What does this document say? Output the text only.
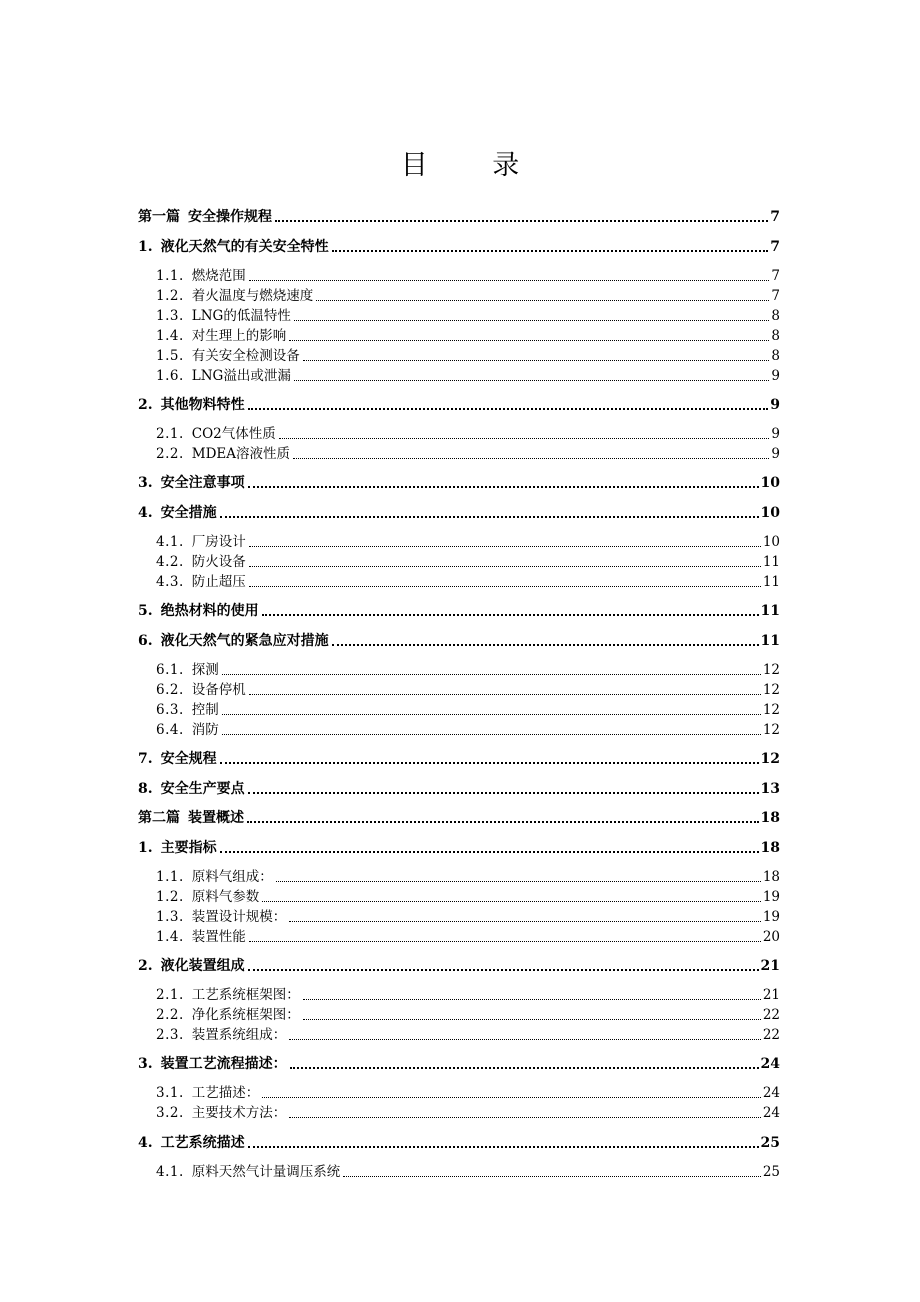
目 录
第一篇 安全操作规程	7
1. 液化天然气的有关安全特性	7
1.1. 燃烧范围	7
1.2. 着火温度与燃烧速度	7
1.3. LNG的低温特性	8
1.4. 对生理上的影响	8
1.5. 有关安全检测设备	8
1.6. LNG溢出或泄漏	9
2. 其他物料特性	9
2.1. CO2气体性质	9
2.2. MDEA溶液性质	9
3. 安全注意事项	10
4. 安全措施	10
4.1. 厂房设计	10
4.2. 防火设备	11
4.3. 防止超压	11
5. 绝热材料的使用	11
6. 液化天然气的紧急应对措施	11
6.1. 探测	12
6.2. 设备停机	12
6.3. 控制	12
6.4. 消防	12
7. 安全规程	12
8. 安全生产要点	13
第二篇 装置概述	18
1. 主要指标	18
1.1. 原料气组成：	18
1.2. 原料气参数	19
1.3. 装置设计规模：	19
1.4. 装置性能	20
2. 液化装置组成	21
2.1. 工艺系统框架图：	21
2.2. 净化系统框架图：	22
2.3. 装置系统组成：	22
3. 装置工艺流程描述：	24
3.1. 工艺描述：	24
3.2. 主要技术方法：	24
4. 工艺系统描述	25
4.1. 原料天然气计量调压系统	25
